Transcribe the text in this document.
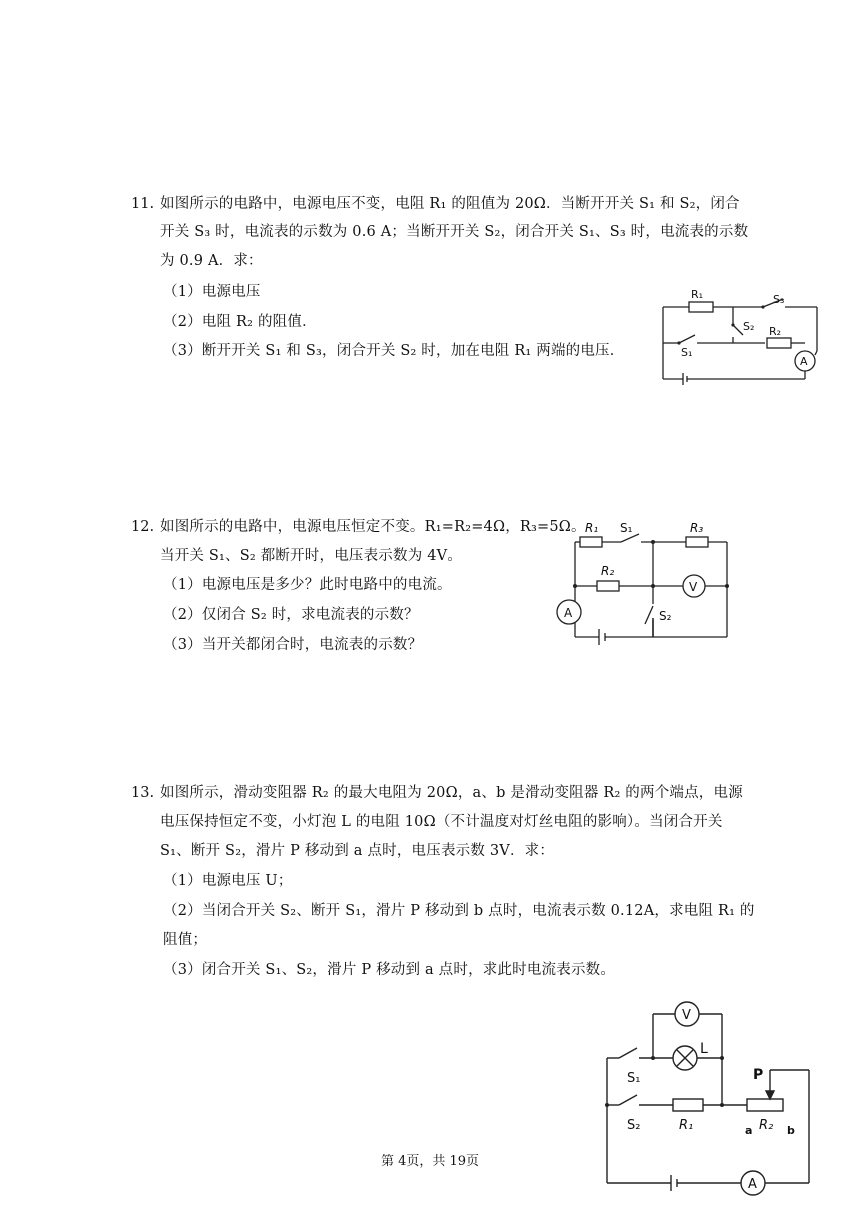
11. 如图所示的电路中，电源电压不变，电阻 R₁ 的阻值为 20Ω．当断开开关 S₁ 和 S₂，闭合
开关 S₃ 时，电流表的示数为 0.6 A；当断开开关 S₂，闭合开关 S₁、S₃ 时，电流表的示数
为 0.9 A．求：
（1）电源电压
（2）电阻 R₂ 的阻值．
（3）断开开关 S₁ 和 S₃，闭合开关 S₂ 时，加在电阻 R₁ 两端的电压．
R₁	S₃
S₂ R₂
S₁
A
12. 如图所示的电路中，电源电压恒定不变。R₁=R₂=4Ω，R₃=5Ω。
当开关 S₁、S₂ 都断开时，电压表示数为 4V。
（1）电源电压是多少？此时电路中的电流。
（2）仅闭合 S₂ 时，求电流表的示数？
（3）当开关都闭合时，电流表的示数？
R₁ S₁	R₃
R₂
V
S₂
A
13. 如图所示，滑动变阻器 R₂ 的最大电阻为 20Ω，a、b 是滑动变阻器 R₂ 的两个端点，电源
电压保持恒定不变，小灯泡 L 的电阻 10Ω（不计温度对灯丝电阻的影响）。当闭合开关
S₁、断开 S₂，滑片 P 移动到 a 点时，电压表示数 3V．求：
（1）电源电压 U；
（2）当闭合开关 S₂、断开 S₁，滑片 P 移动到 b 点时，电流表示数 0.12A，求电阻 R₁ 的
阻值；
（3）闭合开关 S₁、S₂，滑片 P 移动到 a 点时，求此时电流表示数。
V
L
S₁
S₂	R₁	R₂
P
a	b
A
第 4页，共 19页
